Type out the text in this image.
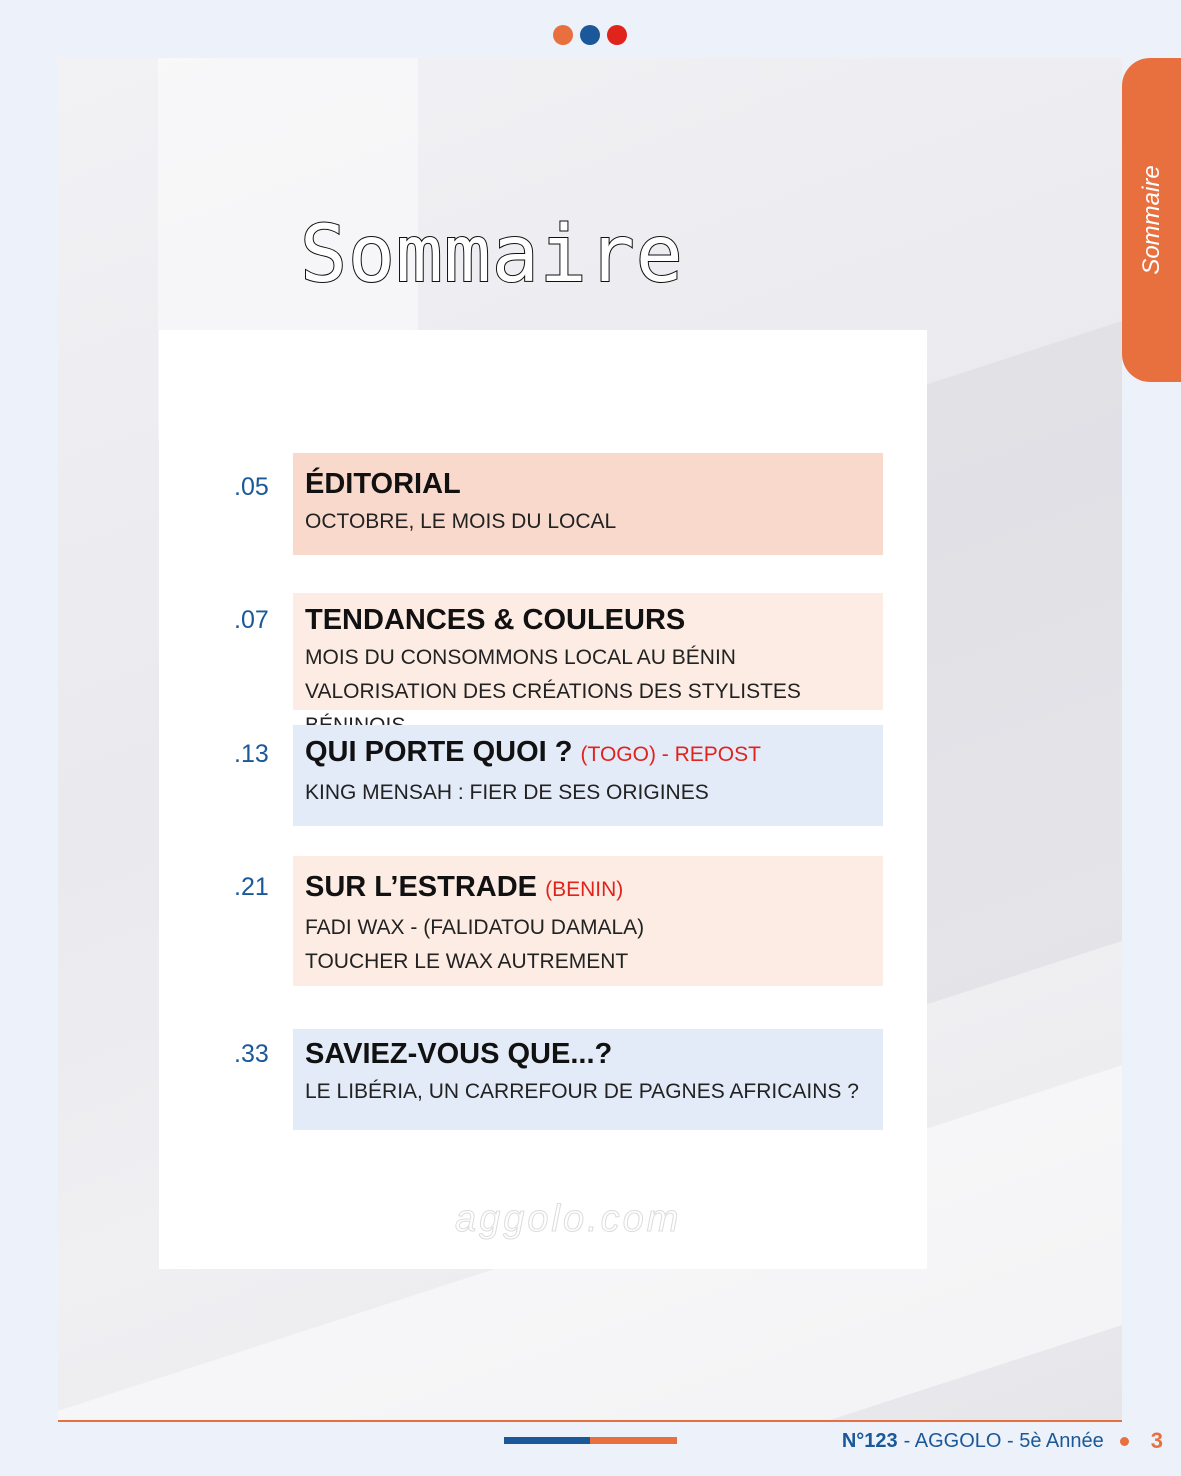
Sommaire
Sommaire
.05 ÉDITORIAL
OCTOBRE, LE MOIS DU LOCAL
.07 TENDANCES & COULEURS
MOIS DU CONSOMMONS LOCAL AU BÉNIN
VALORISATION DES CRÉATIONS DES STYLISTES
.13 QUI PORTE QUOI ? (TOGO) - REPOST
KING MENSAH : FIER DE SES ORIGINES
.21 SUR L’ESTRADE (BENIN)
FADI WAX - (FALIDATOU DAMALA)
TOUCHER LE WAX AUTREMENT
.33 SAVIEZ-VOUS QUE...?
LE LIBÉRIA, UN CARREFOUR DE PAGNES AFRICAINS ?
aggolo.com
N°123 - AGGOLO - 5è Année 3
